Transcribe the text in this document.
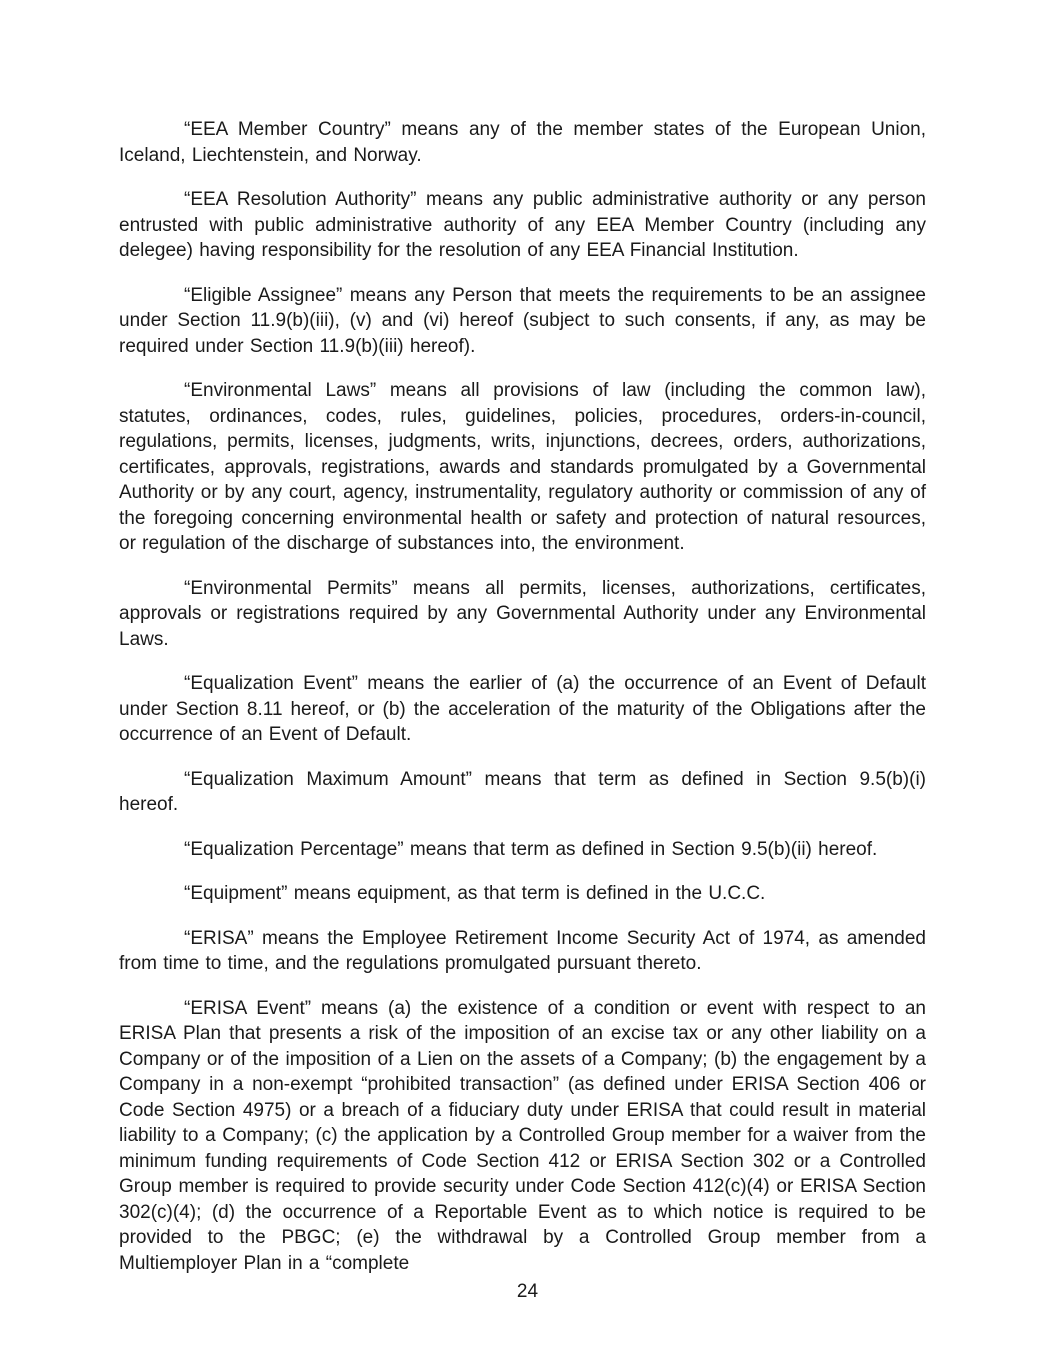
“EEA Member Country” means any of the member states of the European Union, Iceland, Liechtenstein, and Norway.

“EEA Resolution Authority” means any public administrative authority or any person entrusted with public administrative authority of any EEA Member Country (including any delegee) having responsibility for the resolution of any EEA Financial Institution.

“Eligible Assignee” means any Person that meets the requirements to be an assignee under Section 11.9(b)(iii), (v) and (vi) hereof (subject to such consents, if any, as may be required under Section 11.9(b)(iii) hereof).

“Environmental Laws” means all provisions of law (including the common law), statutes, ordinances, codes, rules, guidelines, policies, procedures, orders-in-council, regulations, permits, licenses, judgments, writs, injunctions, decrees, orders, authorizations, certificates, approvals, registrations, awards and standards promulgated by a Governmental Authority or by any court, agency, instrumentality, regulatory authority or commission of any of the foregoing concerning environmental health or safety and protection of natural resources, or regulation of the discharge of substances into, the environment.

“Environmental Permits” means all permits, licenses, authorizations, certificates, approvals or registrations required by any Governmental Authority under any Environmental Laws.

“Equalization Event” means the earlier of (a) the occurrence of an Event of Default under Section 8.11 hereof, or (b) the acceleration of the maturity of the Obligations after the occurrence of an Event of Default.

“Equalization Maximum Amount” means that term as defined in Section 9.5(b)(i) hereof.

“Equalization Percentage” means that term as defined in Section 9.5(b)(ii) hereof.

“Equipment” means equipment, as that term is defined in the U.C.C.

“ERISA” means the Employee Retirement Income Security Act of 1974, as amended from time to time, and the regulations promulgated pursuant thereto.

“ERISA Event” means (a) the existence of a condition or event with respect to an ERISA Plan that presents a risk of the imposition of an excise tax or any other liability on a Company or of the imposition of a Lien on the assets of a Company; (b) the engagement by a Company in a non-exempt “prohibited transaction” (as defined under ERISA Section 406 or Code Section 4975) or a breach of a fiduciary duty under ERISA that could result in material liability to a Company; (c) the application by a Controlled Group member for a waiver from the minimum funding requirements of Code Section 412 or ERISA Section 302 or a Controlled Group member is required to provide security under Code Section 412(c)(4) or ERISA Section 302(c)(4); (d) the occurrence of a Reportable Event as to which notice is required to be provided to the PBGC; (e) the withdrawal by a Controlled Group member from a Multiemployer Plan in a “complete

24
